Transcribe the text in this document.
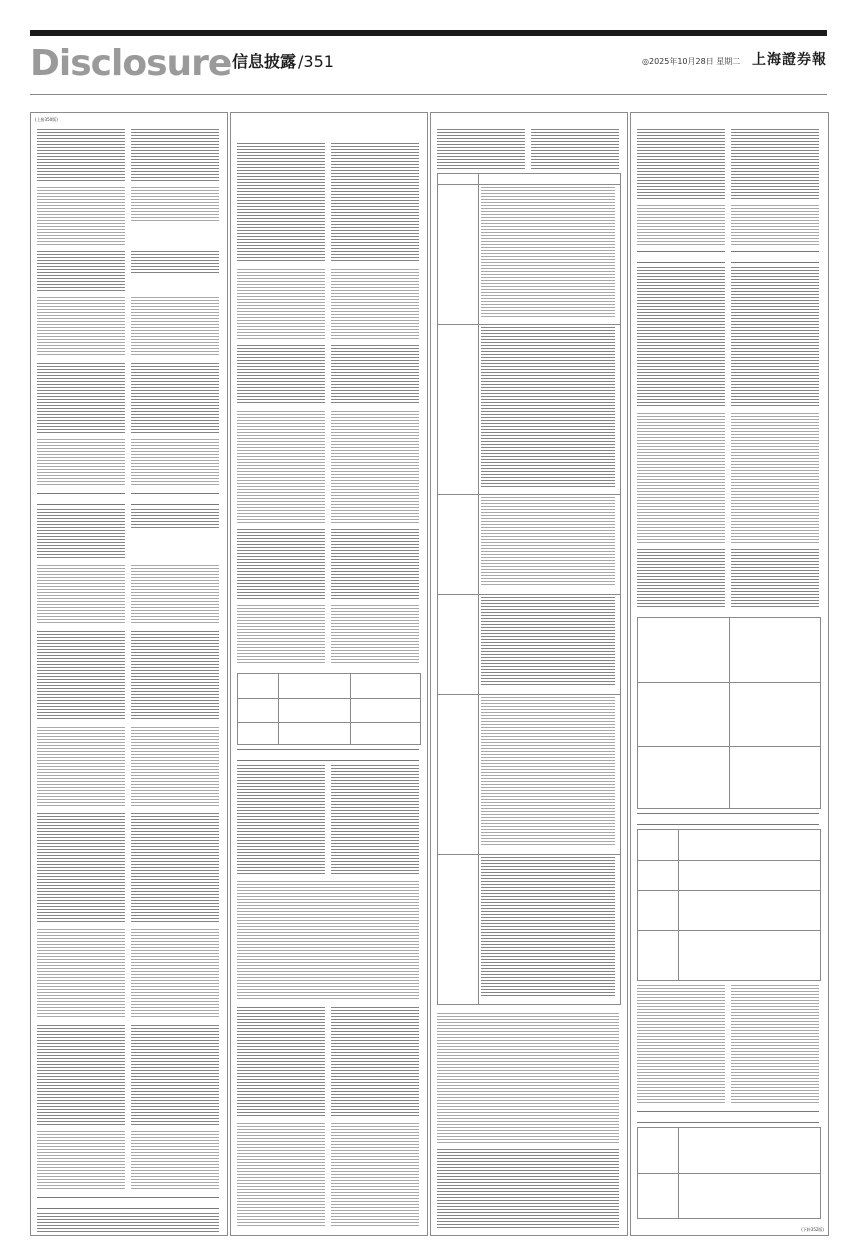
Disclosure 信息披露 /351	◎2025年10月28日 星期二 上海證券報
(上接350版)
(下转352版)
